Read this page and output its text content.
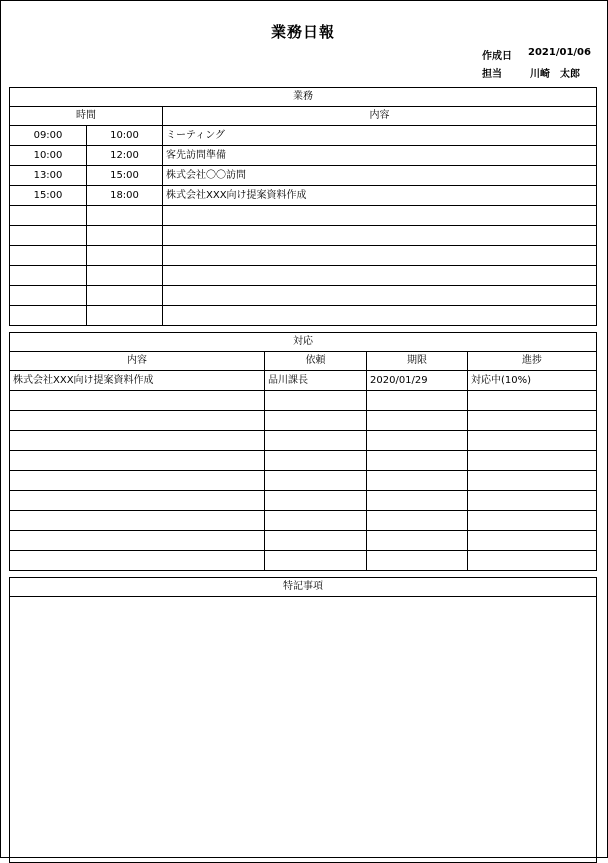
業務日報
作成日 2021/01/06
担当	川崎　太郎
業務		
時間		内容
09:00	10:00	ミーティング
10:00	12:00	客先訪問準備
13:00	15:00	株式会社〇〇訪問
15:00	18:00	株式会社XXX向け提案資料作成

対応			
内容	依頼	期限	進捗
株式会社XXX向け提案資料作成	品川課長	2020/01/29	対応中(10%)

特記事項
